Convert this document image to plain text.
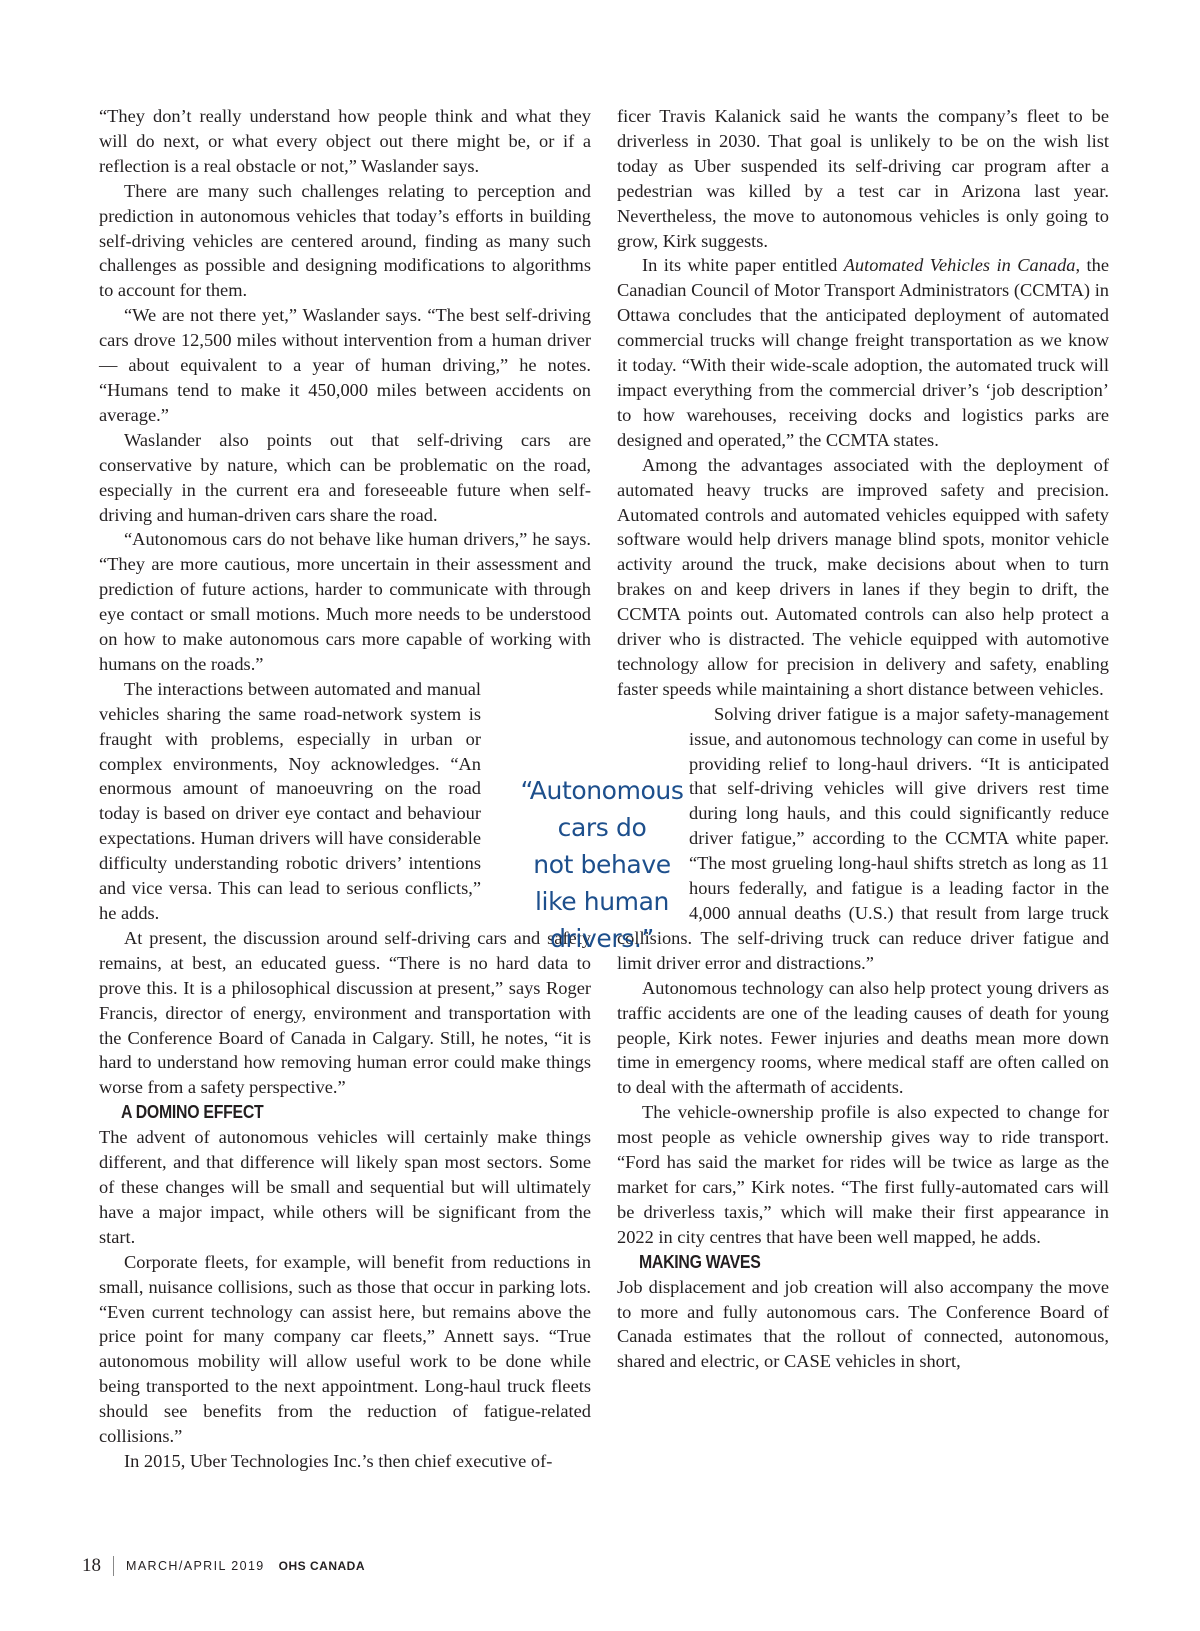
“They don’t really understand how people think and what they will do next, or what every object out there might be, or if a reflection is a real obstacle or not,” Waslander says.

There are many such challenges relating to perception and prediction in autonomous vehicles that today’s efforts in building self-driving vehicles are centered around, finding as many such challenges as possible and designing modifications to algorithms to account for them.

“We are not there yet,” Waslander says. “The best self-driving cars drove 12,500 miles without intervention from a human driver — about equivalent to a year of human driving,” he notes. “Humans tend to make it 450,000 miles between accidents on average.”

Waslander also points out that self-driving cars are conservative by nature, which can be problematic on the road, especially in the current era and foreseeable future when self-driving and human-driven cars share the road.

“Autonomous cars do not behave like human drivers,” he says. “They are more cautious, more uncertain in their assessment and prediction of future actions, harder to communicate with through eye contact or small motions. Much more needs to be understood on how to make autonomous cars more capable of working with humans on the roads.”

The interactions between automated and manual vehicles sharing the same road-network system is fraught with problems, especially in urban or complex environments, Noy acknowledges. “An enormous amount of manoeuvring on the road today is based on driver eye contact and behaviour expectations. Human drivers will have considerable difficulty understanding robotic drivers’ intentions and vice versa. This can lead to serious conflicts,” he adds.

At present, the discussion around self-driving cars and safety remains, at best, an educated guess. “There is no hard data to prove this. It is a philosophical discussion at present,” says Roger Francis, director of energy, environment and transportation with the Conference Board of Canada in Calgary. Still, he notes, “it is hard to understand how removing human error could make things worse from a safety perspective.”

A DOMINO EFFECT

The advent of autonomous vehicles will certainly make things different, and that difference will likely span most sectors. Some of these changes will be small and sequential but will ultimately have a major impact, while others will be significant from the start.

Corporate fleets, for example, will benefit from reductions in small, nuisance collisions, such as those that occur in parking lots. “Even current technology can assist here, but remains above the price point for many company car fleets,” Annett says. “True autonomous mobility will allow useful work to be done while being transported to the next appointment. Long-haul truck fleets should see benefits from the reduction of fatigue-related collisions.”

In 2015, Uber Technologies Inc.’s then chief executive of-

ficer Travis Kalanick said he wants the company’s fleet to be driverless in 2030. That goal is unlikely to be on the wish list today as Uber suspended its self-driving car program after a pedestrian was killed by a test car in Arizona last year. Nevertheless, the move to autonomous vehicles is only going to grow, Kirk suggests.

In its white paper entitled Automated Vehicles in Canada, the Canadian Council of Motor Transport Administrators (CCMTA) in Ottawa concludes that the anticipated deployment of automated commercial trucks will change freight transportation as we know it today. “With their wide-scale adoption, the automated truck will impact everything from the commercial driver’s ‘job description’ to how warehouses, receiving docks and logistics parks are designed and operated,” the CCMTA states.

Among the advantages associated with the deployment of automated heavy trucks are improved safety and precision. Automated controls and automated vehicles equipped with safety software would help drivers manage blind spots, monitor vehicle activity around the truck, make decisions about when to turn brakes on and keep drivers in lanes if they begin to drift, the CCMTA points out. Automated controls can also help protect a driver who is distracted. The vehicle equipped with automotive technology allow for precision in delivery and safety, enabling faster speeds while maintaining a short distance between vehicles.

Solving driver fatigue is a major safety-management issue, and autonomous technology can come in useful by providing relief to long-haul drivers. “It is anticipated that self-driving vehicles will give drivers rest time during long hauls, and this could significantly reduce driver fatigue,” according to the CCMTA white paper. “The most grueling long-haul shifts stretch as long as 11 hours federally, and fatigue is a leading factor in the 4,000 annual deaths (U.S.) that result from large truck collisions. The self-driving truck can reduce driver fatigue and limit driver error and distractions.”

Autonomous technology can also help protect young drivers as traffic accidents are one of the leading causes of death for young people, Kirk notes. Fewer injuries and deaths mean more down time in emergency rooms, where medical staff are often called on to deal with the aftermath of accidents.

The vehicle-ownership profile is also expected to change for most people as vehicle ownership gives way to ride transport. “Ford has said the market for rides will be twice as large as the market for cars,” Kirk notes. “The first fully-automated cars will be driverless taxis,” which will make their first appearance in 2022 in city centres that have been well mapped, he adds.

MAKING WAVES

Job displacement and job creation will also accompany the move to more and fully autonomous cars. The Conference Board of Canada estimates that the rollout of connected, autonomous, shared and electric, or CASE vehicles in short,

“Autonomous
cars do
not behave
like human
drivers.”
18 MARCH/APRIL 2019 OHS CANADA
